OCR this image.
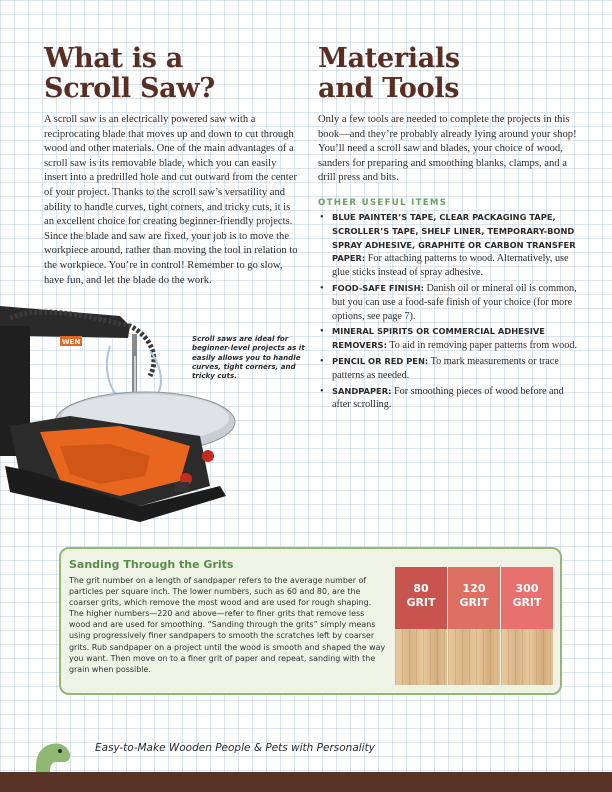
What is a
Scroll Saw?
A scroll saw is an electrically powered saw with a reciprocating blade that moves up and down to cut through wood and other materials. One of the main advantages of a scroll saw is its removable blade, which you can easily insert into a predrilled hole and cut outward from the center of your project. Thanks to the scroll saw’s versatility and ability to handle curves, tight corners, and tricky cuts, it is an excellent choice for creating beginner-friendly projects. Since the blade and saw are fixed, your job is to move the workpiece around, rather than moving the tool in relation to the workpiece. You’re in control! Remember to go slow, have fun, and let the blade do the work.
WEN	Scroll saws are ideal for beginner-level projects as it easily allows you to handle curves, tight corners, and tricky cuts.
Materials
and Tools
Only a few tools are needed to complete the projects in this book—and they’re probably already lying around your shop! You’ll need a scroll saw and blades, your choice of wood, sanders for preparing and smoothing blanks, clamps, and a drill press and bits.
OTHER USEFUL ITEMS
• BLUE PAINTER’S TAPE, CLEAR PACKAGING TAPE, SCROLLER’S TAPE, SHELF LINER, TEMPORARY-BOND SPRAY ADHESIVE, GRAPHITE OR CARBON TRANSFER PAPER: For attaching patterns to wood. Alternatively, use glue sticks instead of spray adhesive.
• FOOD-SAFE FINISH: Danish oil or mineral oil is common, but you can use a food-safe finish of your choice (for more options, see page 7).
• MINERAL SPIRITS OR COMMERCIAL ADHESIVE REMOVERS: To aid in removing paper patterns from wood.
• PENCIL OR RED PEN: To mark measurements or trace patterns as needed.
• SANDPAPER: For smoothing pieces of wood before and after scrolling.
Sanding Through the Grits
The grit number on a length of sandpaper refers to the average number of particles per square inch. The lower numbers, such as 60 and 80, are the coarser grits, which remove the most wood and are used for rough shaping. The higher numbers—220 and above—refer to finer grits that remove less wood and are used for smoothing. “Sanding through the grits” simply means using progressively finer sandpapers to smooth the scratches left by coarser grits. Rub sandpaper on a project until the wood is smooth and shaped the way you want. Then move on to a finer grit of paper and repeat, sanding with the grain when possible.
80
GRIT
120
GRIT
300
GRIT
Easy-to-Make Wooden People & Pets with Personality
